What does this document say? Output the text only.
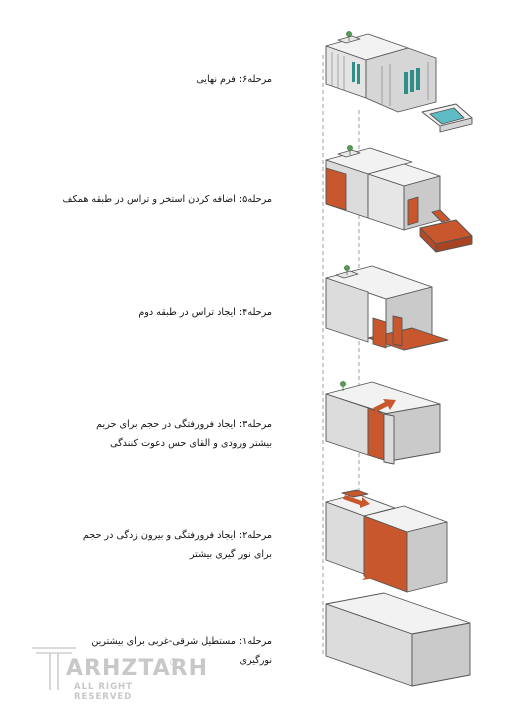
مرحله۶: فرم نهایی
مرحله۵: اضافه کردن استخر و تراس در طبقه همکف
مرحله۴: ایجاد تراس در طبقه دوم
مرحله۳: ایجاد فرورفتگی در حجم برای حریم
بیشتر ورودی و القای حس دعوت کنندگی
مرحله۲: ایجاد فرورفتگی و بیرون زدگی در حجم
برای نور گیری بیشتر
مرحله۱: مستطیل شرقی-غربی برای بیشترین
نورگیری
ARHZTARH
ALL RIGHT RESERVED
